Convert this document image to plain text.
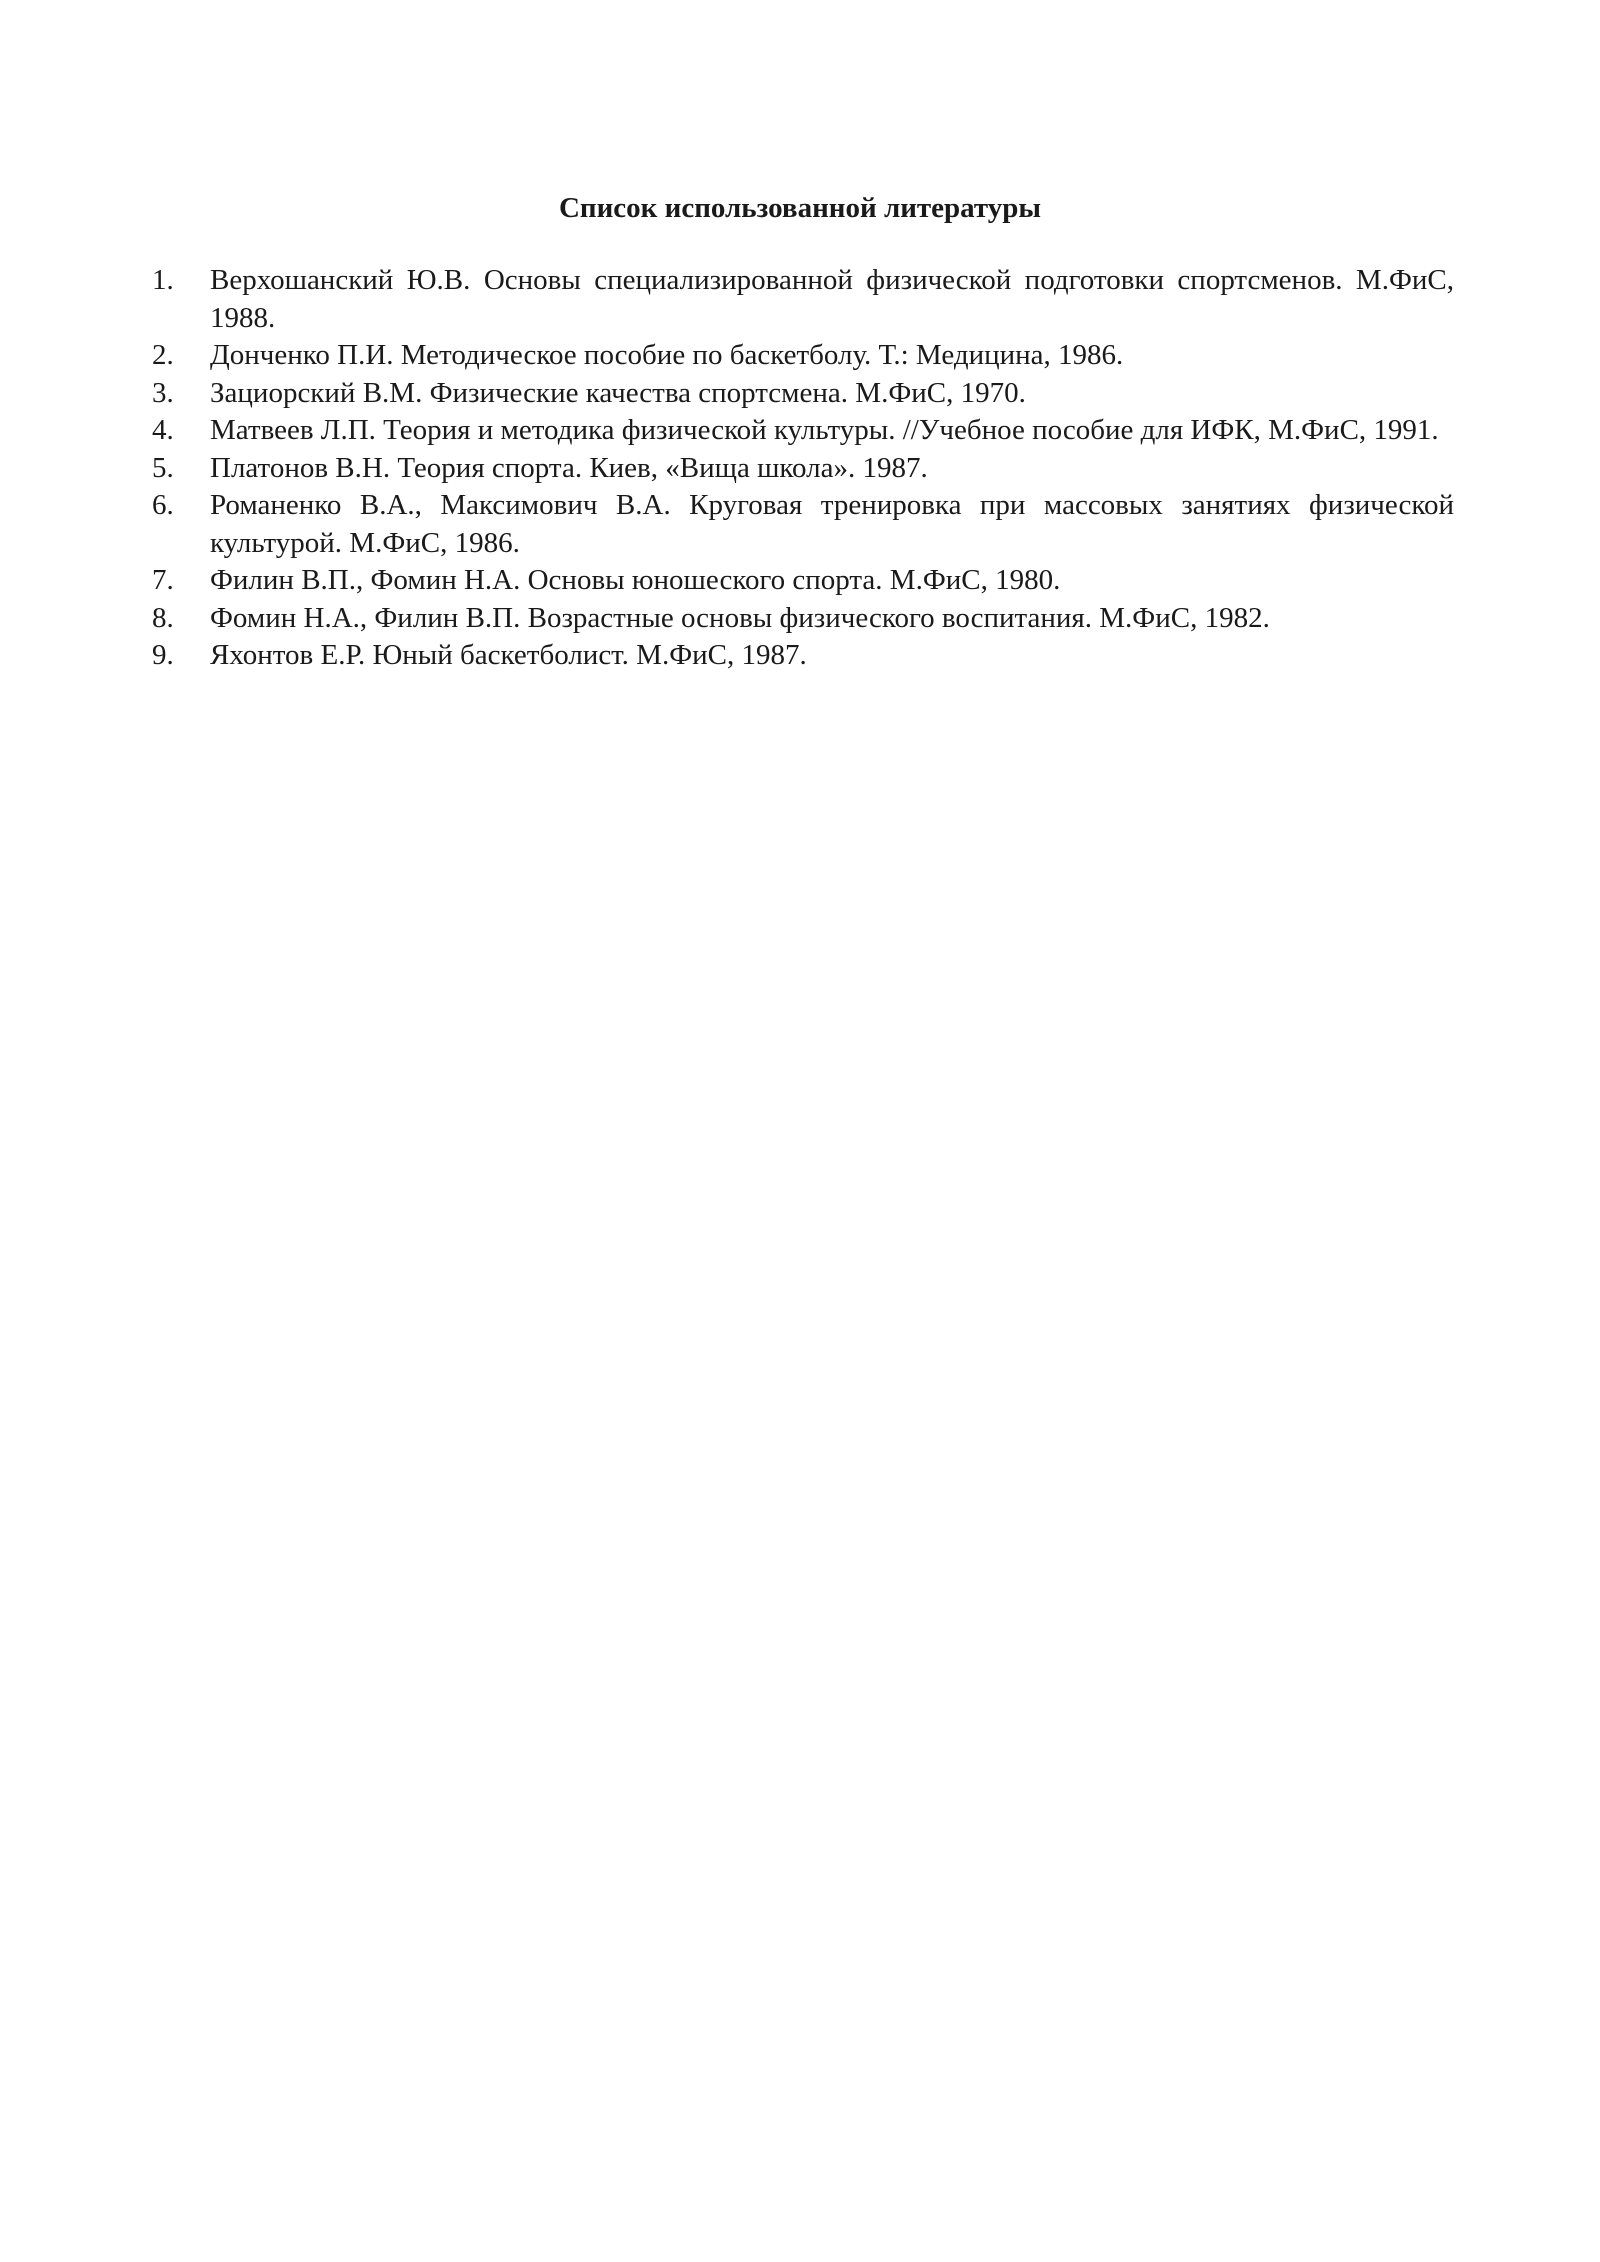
Список использованной литературы
1. Верхошанский Ю.В. Основы специализированной физической подготовки спортсменов. М.ФиС, 1988.
2. Донченко П.И. Методическое пособие по баскетболу. Т.: Медицина, 1986.
3. Зациорский В.М. Физические качества спортсмена. М.ФиС, 1970.
4. Матвеев Л.П. Теория и методика физической культуры. //Учебное пособие для ИФК, М.ФиС, 1991.
5. Платонов В.Н. Теория спорта. Киев, «Вища школа». 1987.
6. Романенко В.А., Максимович В.А. Круговая тренировка при массовых занятиях физической культурой. М.ФиС, 1986.
7. Филин В.П., Фомин Н.А. Основы юношеского спорта. М.ФиС, 1980.
8. Фомин Н.А., Филин В.П. Возрастные основы физического воспитания. М.ФиС, 1982.
9. Яхонтов Е.Р. Юный баскетболист. М.ФиС, 1987.
